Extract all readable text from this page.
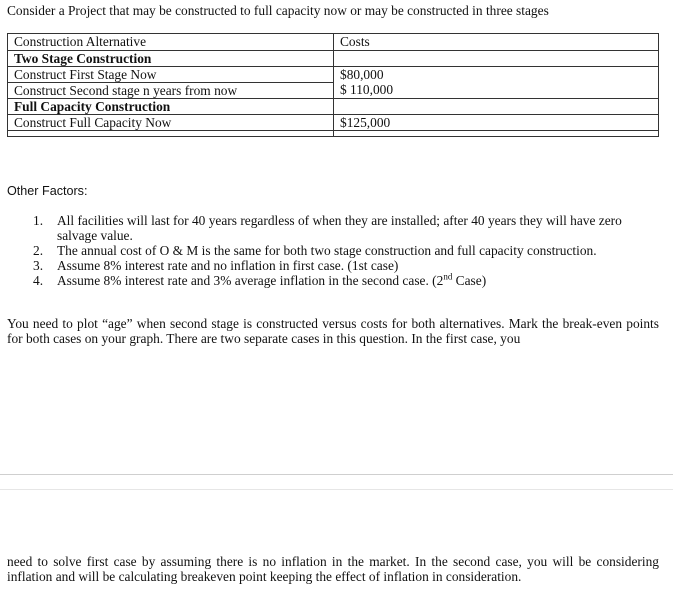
Consider a Project that may be constructed to full capacity now or may be constructed in three stages
Construction Alternative	Costs
Two Stage Construction	
Construct First Stage Now	$80,000
Construct Second stage n years from now	$ 110,000
Full Capacity Construction	
Construct Full Capacity Now	$125,000

Other Factors:
1. All facilities will last for 40 years regardless of when they are installed; after 40 years they will have zero salvage value.
2. The annual cost of O & M is the same for both two stage construction and full capacity construction.
3. Assume 8% interest rate and no inflation in first case. (1st case)
4. Assume 8% interest rate and 3% average inflation in the second case. (2nd Case)
You need to plot “age” when second stage is constructed versus costs for both alternatives. Mark the break-even points for both cases on your graph. There are two separate cases in this question. In the first case, you
need to solve first case by assuming there is no inflation in the market. In the second case, you will be considering inflation and will be calculating breakeven point keeping the effect of inflation in consideration.
